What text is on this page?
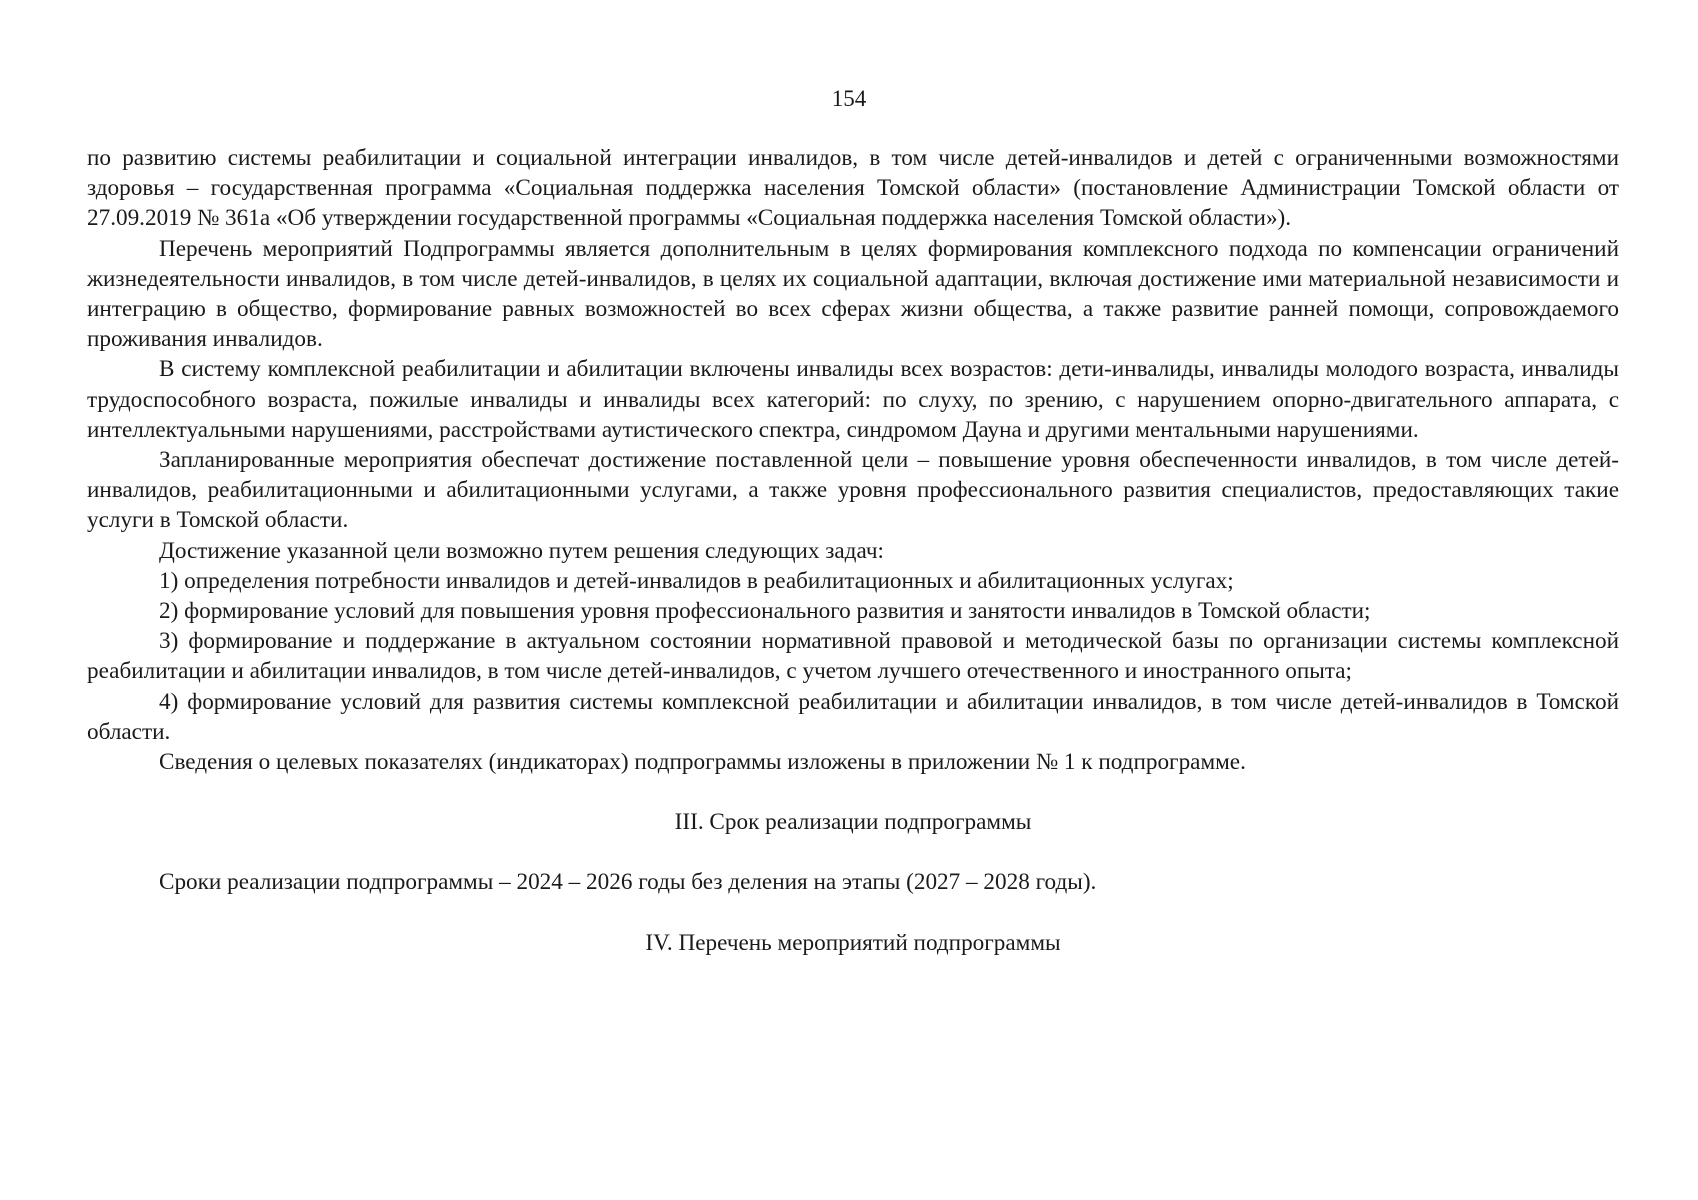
154

по развитию системы реабилитации и социальной интеграции инвалидов, в том числе детей-инвалидов и детей с ограниченными возможностями здоровья – государственная программа «Социальная поддержка населения Томской области» (постановление Администрации Томской области от 27.09.2019 № 361а «Об утверждении государственной программы «Социальная поддержка населения Томской области»).

Перечень мероприятий Подпрограммы является дополнительным в целях формирования комплексного подхода по компенсации ограничений жизнедеятельности инвалидов, в том числе детей-инвалидов, в целях их социальной адаптации, включая достижение ими материальной независимости и интеграцию в общество, формирование равных возможностей во всех сферах жизни общества, а также развитие ранней помощи, сопровождаемого проживания инвалидов.

В систему комплексной реабилитации и абилитации включены инвалиды всех возрастов: дети-инвалиды, инвалиды молодого возраста, инвалиды трудоспособного возраста, пожилые инвалиды и инвалиды всех категорий: по слуху, по зрению, с нарушением опорно-двигательного аппарата, с интеллектуальными нарушениями, расстройствами аутистического спектра, синдромом Дауна и другими ментальными нарушениями.

Запланированные мероприятия обеспечат достижение поставленной цели – повышение уровня обеспеченности инвалидов, в том числе детей-инвалидов, реабилитационными и абилитационными услугами, а также уровня профессионального развития специалистов, предоставляющих такие услуги в Томской области.

Достижение указанной цели возможно путем решения следующих задач:

1) определения потребности инвалидов и детей-инвалидов в реабилитационных и абилитационных услугах;

2) формирование условий для повышения уровня профессионального развития и занятости инвалидов в Томской области;

3) формирование и поддержание в актуальном состоянии нормативной правовой и методической базы по организации системы комплексной реабилитации и абилитации инвалидов, в том числе детей-инвалидов, с учетом лучшего отечественного и иностранного опыта;

4) формирование условий для развития системы комплексной реабилитации и абилитации инвалидов, в том числе детей-инвалидов в Томской области.

Сведения о целевых показателях (индикаторах) подпрограммы изложены в приложении № 1 к подпрограмме.

III. Срок реализации подпрограммы

Сроки реализации подпрограммы – 2024 – 2026 годы без деления на этапы (2027 – 2028 годы).

IV. Перечень мероприятий подпрограммы
